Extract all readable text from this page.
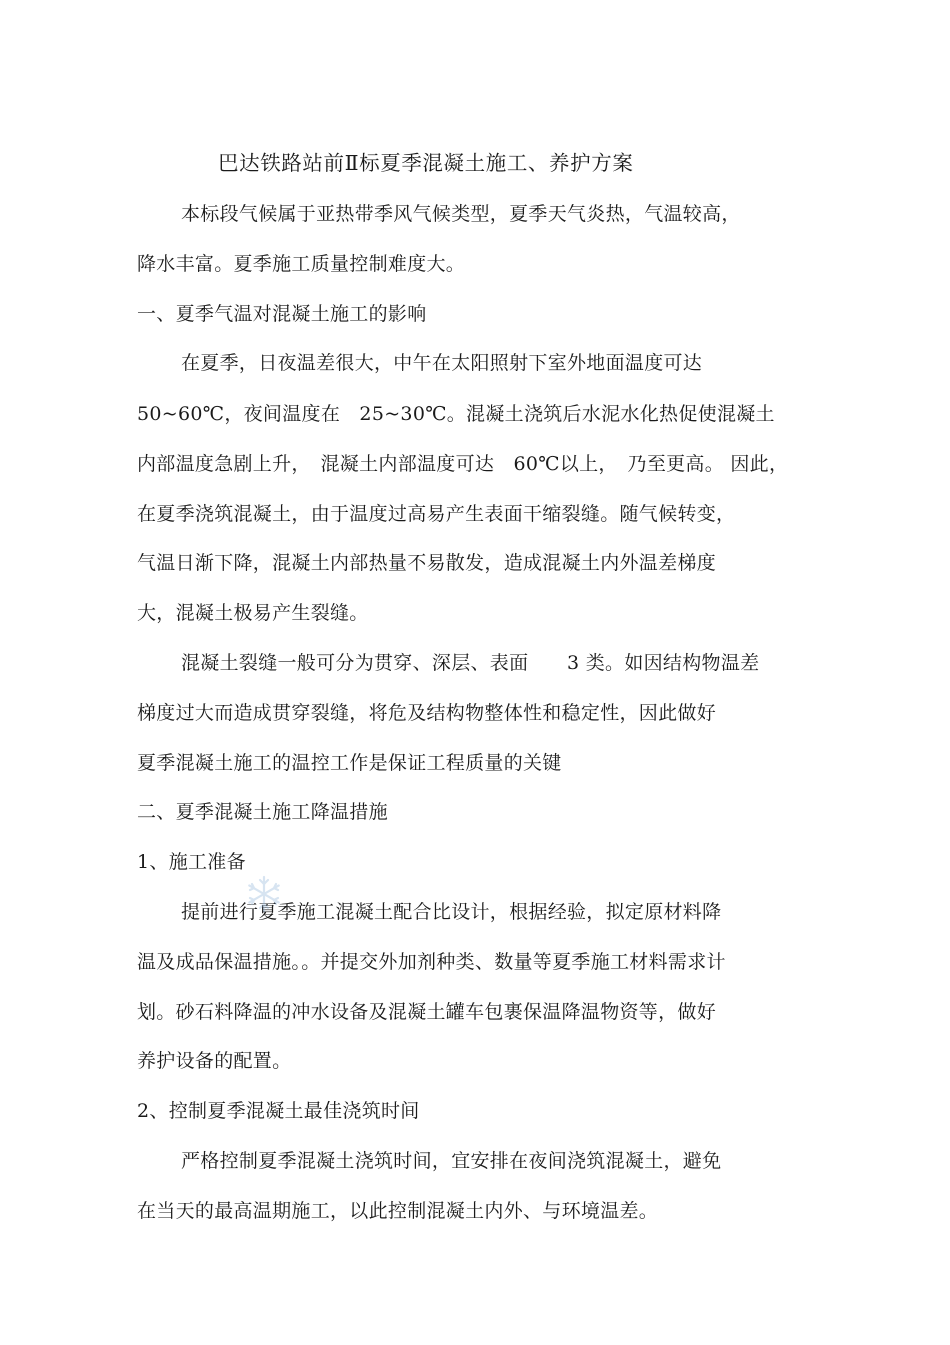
巴达铁路站前Ⅱ标夏季混凝土施工、养护方案
本标段气候属于亚热带季风气候类型，夏季天气炎热，气温较高，
降水丰富。夏季施工质量控制难度大。
一、夏季气温对混凝土施工的影响
在夏季，日夜温差很大，中午在太阳照射下室外地面温度可达
50~60℃，夜间温度在　25~30℃。混凝土浇筑后水泥水化热促使混凝土
内部温度急剧上升，　混凝土内部温度可达　60℃以上，　乃至更高。 因此，
在夏季浇筑混凝土，由于温度过高易产生表面干缩裂缝。随气候转变，
气温日渐下降，混凝土内部热量不易散发，造成混凝土内外温差梯度
大，混凝土极易产生裂缝。
混凝土裂缝一般可分为贯穿、深层、表面　　3 类。如因结构物温差
梯度过大而造成贯穿裂缝，将危及结构物整体性和稳定性，因此做好
夏季混凝土施工的温控工作是保证工程质量的关键
二、夏季混凝土施工降温措施
1、施工准备
提前进行夏季施工混凝土配合比设计，根据经验，拟定原材料降
温及成品保温措施。。并提交外加剂种类、数量等夏季施工材料需求计
划。砂石料降温的冲水设备及混凝土罐车包裹保温降温物资等，做好
养护设备的配置。
2、控制夏季混凝土最佳浇筑时间
严格控制夏季混凝土浇筑时间，宜安排在夜间浇筑混凝土，避免
在当天的最高温期施工，以此控制混凝土内外、与环境温差。
